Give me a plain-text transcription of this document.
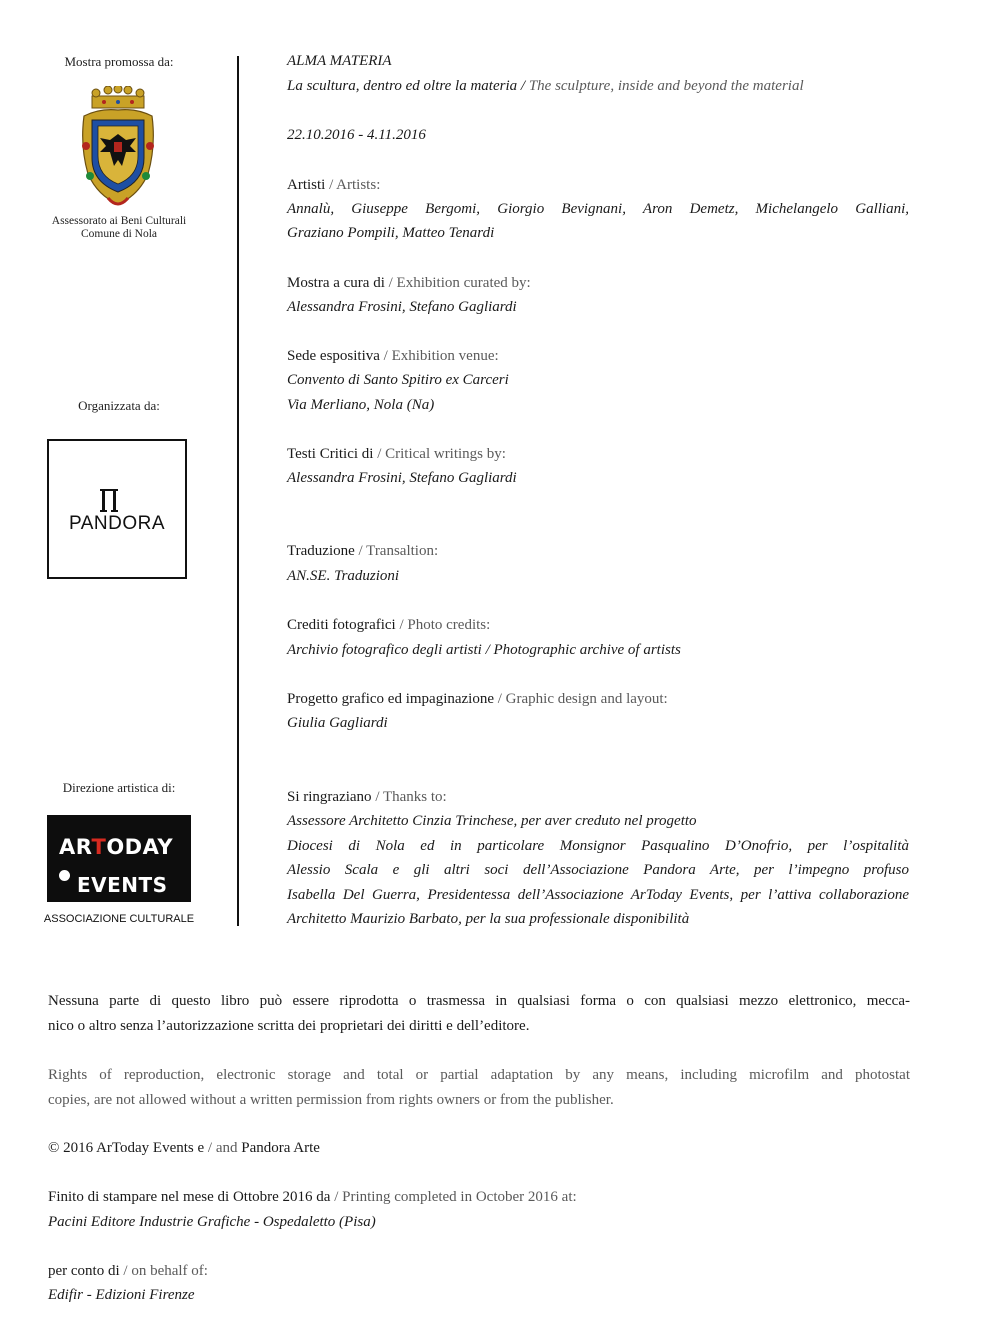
Mostra promossa da:
Assessorato ai Beni Culturali
Comune di Nola
Organizzata da:
PANDORA
Direzione artistica di:
ARTODAY
EVENTS
ASSOCIAZIONE CULTURALE
ALMA MATERIA
La scultura, dentro ed oltre la materia / The sculpture, inside and beyond the material
22.10.2016 - 4.11.2016
Artisti / Artists:
Annalù, Giuseppe Bergomi, Giorgio Bevignani, Aron Demetz, Michelangelo Galliani,
Graziano Pompili, Matteo Tenardi
Mostra a cura di / Exhibition curated by:
Alessandra Frosini, Stefano Gagliardi
Sede espositiva / Exhibition venue:
Convento di Santo Spitiro ex Carceri
Via Merliano, Nola (Na)
Testi Critici di / Critical writings by:
Alessandra Frosini, Stefano Gagliardi
Traduzione / Transaltion:
AN.SE. Traduzioni
Crediti fotografici / Photo credits:
Archivio fotografico degli artisti / Photographic archive of artists
Progetto grafico ed impaginazione / Graphic design and layout:
Giulia Gagliardi
Si ringraziano / Thanks to:
Assessore Architetto Cinzia Trinchese, per aver creduto nel progetto
Diocesi di Nola ed in particolare Monsignor Pasqualino D’Onofrio, per l’ospitalità
Alessio Scala e gli altri soci dell’Associazione Pandora Arte, per l’impegno profuso
Isabella Del Guerra, Presidentessa dell’Associazione ArToday Events, per l’attiva collaborazione
Architetto Maurizio Barbato, per la sua professionale disponibilità
Nessuna parte di questo libro può essere riprodotta o trasmessa in qualsiasi forma o con qualsiasi mezzo elettronico, mecca-
nico o altro senza l’autorizzazione scritta dei proprietari dei diritti e dell’editore.
Rights of reproduction, electronic storage and total or partial adaptation by any means, including microfilm and photostat
copies, are not allowed without a written permission from rights owners or from the publisher.
© 2016 ArToday Events e / and Pandora Arte
Finito di stampare nel mese di Ottobre 2016 da / Printing completed in October 2016 at:
Pacini Editore Industrie Grafiche - Ospedaletto (Pisa)
per conto di / on behalf of:
Edifir - Edizioni Firenze
